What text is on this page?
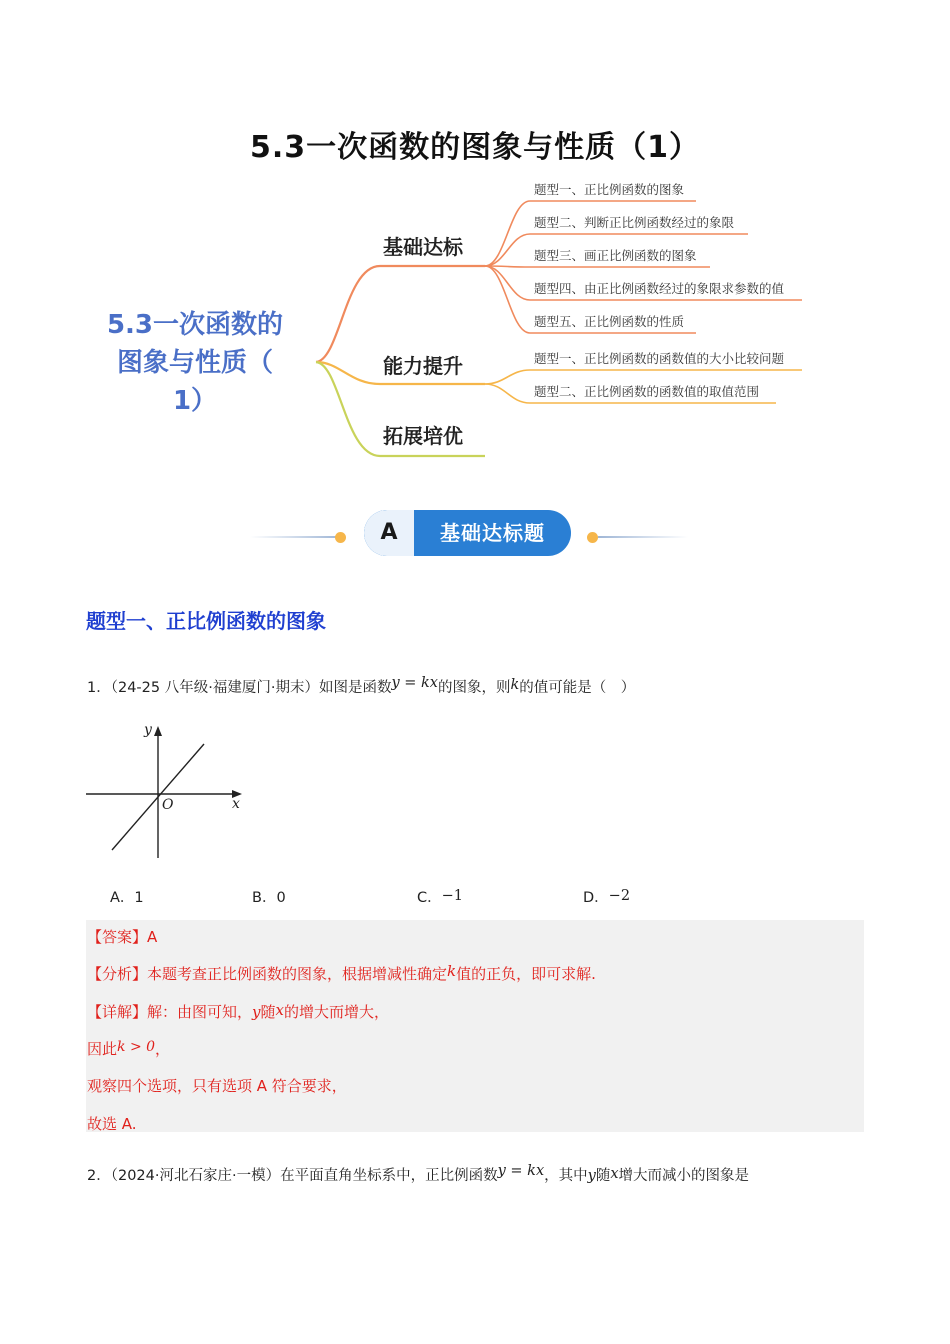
5.3一次函数的图象与性质（1）
5.3一次函数的
图象与性质（
1）
基础达标
能力提升
拓展培优
题型一、正比例函数的图象
题型二、判断正比例函数经过的象限
题型三、画正比例函数的图象
题型四、由正比例函数经过的象限求参数的值
题型五、正比例函数的性质
题型一、正比例函数的函数值的大小比较问题
题型二、正比例函数的函数值的取值范围
A	基础达标题
题型一、正比例函数的图象
1．（24-25 八年级·福建厦门·期末）如图是函数y = kx的图象，则k的值可能是（　）
y
x
O
A．1	B．0	C．−1	D．−2
【答案】A
【分析】本题考查正比例函数的图象，根据增减性确定k值的正负，即可求解.
【详解】解：由图可知，y随x的增大而增大，
因此k > 0，
观察四个选项，只有选项 A 符合要求，
故选 A.
2．（2024·河北石家庄·一模）在平面直角坐标系中，正比例函数y = kx，其中y随x增大而减小的图象是
